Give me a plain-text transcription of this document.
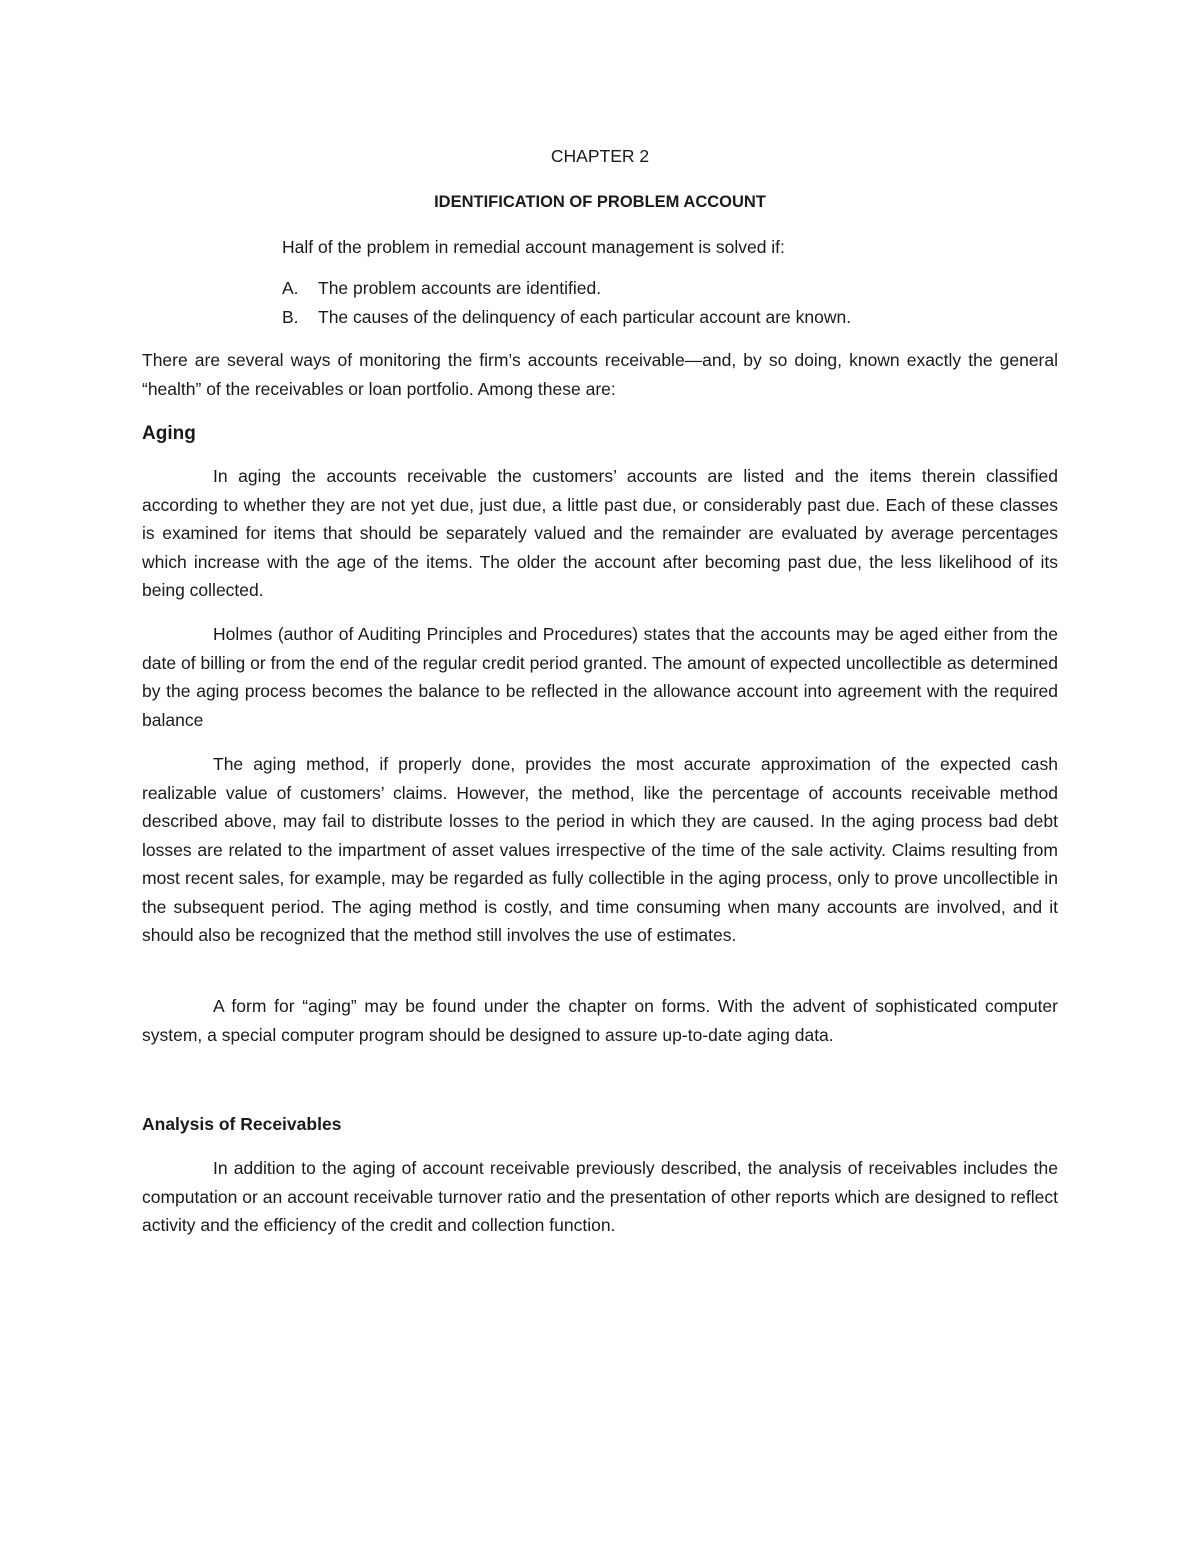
CHAPTER 2
IDENTIFICATION OF PROBLEM ACCOUNT
Half of the problem in remedial account management is solved if:
A. The problem accounts are identified.
B. The causes of the delinquency of each particular account are known.

There are several ways of monitoring the firm’s accounts receivable—and, by so doing, known exactly the general “health” of the receivables or loan portfolio. Among these are:

Aging

In aging the accounts receivable the customers’ accounts are listed and the items therein classified according to whether they are not yet due, just due, a little past due, or considerably past due. Each of these classes is examined for items that should be separately valued and the remainder are evaluated by average percentages which increase with the age of the items. The older the account after becoming past due, the less likelihood of its being collected.

Holmes (author of Auditing Principles and Procedures) states that the accounts may be aged either from the date of billing or from the end of the regular credit period granted. The amount of expected uncollectible as determined by the aging process becomes the balance to be reflected in the allowance account into agreement with the required balance

The aging method, if properly done, provides the most accurate approximation of the expected cash realizable value of customers’ claims. However, the method, like the percentage of accounts receivable method described above, may fail to distribute losses to the period in which they are caused. In the aging process bad debt losses are related to the impartment of asset values irrespective of the time of the sale activity. Claims resulting from most recent sales, for example, may be regarded as fully collectible in the aging process, only to prove uncollectible in the subsequent period. The aging method is costly, and time consuming when many accounts are involved, and it should also be recognized that the method still involves the use of estimates.

A form for “aging” may be found under the chapter on forms. With the advent of sophisticated computer system, a special computer program should be designed to assure up-to-date aging data.

Analysis of Receivables

In addition to the aging of account receivable previously described, the analysis of receivables includes the computation or an account receivable turnover ratio and the presentation of other reports which are designed to reflect activity and the efficiency of the credit and collection function.
